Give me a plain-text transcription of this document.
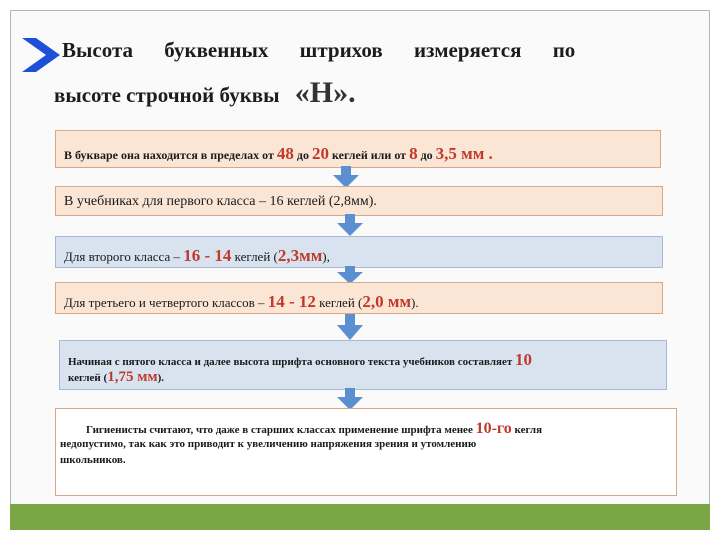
Высота буквенных штрихов измеряется по
высоте строчной буквы «Н».
В букваре она находится в пределах от 48 до 20 кеглей или от 8 до 3,5 мм .
В учебниках для первого класса – 16 кеглей (2,8мм).
Для второго класса – 16 - 14 кеглей (2,3мм),
Для третьего и четвертого классов – 14 - 12 кеглей (2,0 мм).
Начиная с пятого класса и далее высота шрифта основного текста учебников составляет 10
кеглей (1,75 мм).
Гигиенисты считают, что даже в старших классах применение шрифта менее 10-го кегля
недопустимо, так как это приводит к увеличению напряжения зрения и утомлению
школьников.
